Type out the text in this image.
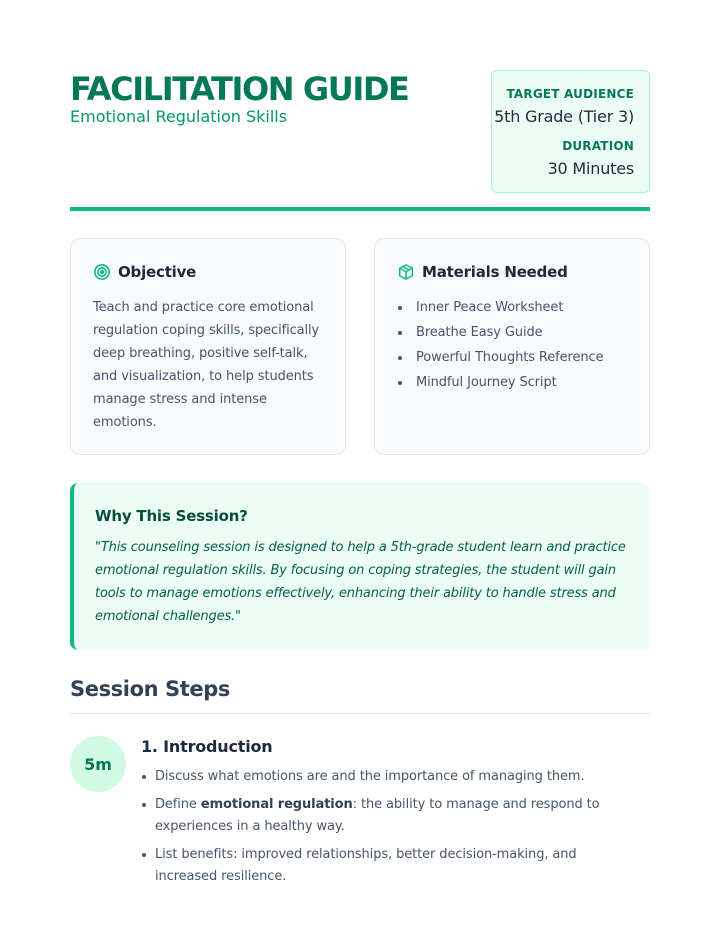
FACILITATION GUIDE
Emotional Regulation Skills
TARGET AUDIENCE
5th Grade (Tier 3)
DURATION
30 Minutes
Objective

Teach and practice core emotional regulation coping skills, specifically deep breathing, positive self-talk, and visualization, to help students manage stress and intense emotions.

Materials Needed
Inner Peace Worksheet
Breathe Easy Guide
Powerful Thoughts Reference
Mindful Journey Script
Why This Session?

"This counseling session is designed to help a 5th-grade student learn and practice emotional regulation skills. By focusing on coping strategies, the student will gain tools to manage emotions effectively, enhancing their ability to handle stress and emotional challenges."

Session Steps
5m
1. Introduction
Discuss what emotions are and the importance of managing them.
Define emotional regulation: the ability to manage and respond to experiences in a healthy way.
List benefits: improved relationships, better decision-making, and increased resilience.
